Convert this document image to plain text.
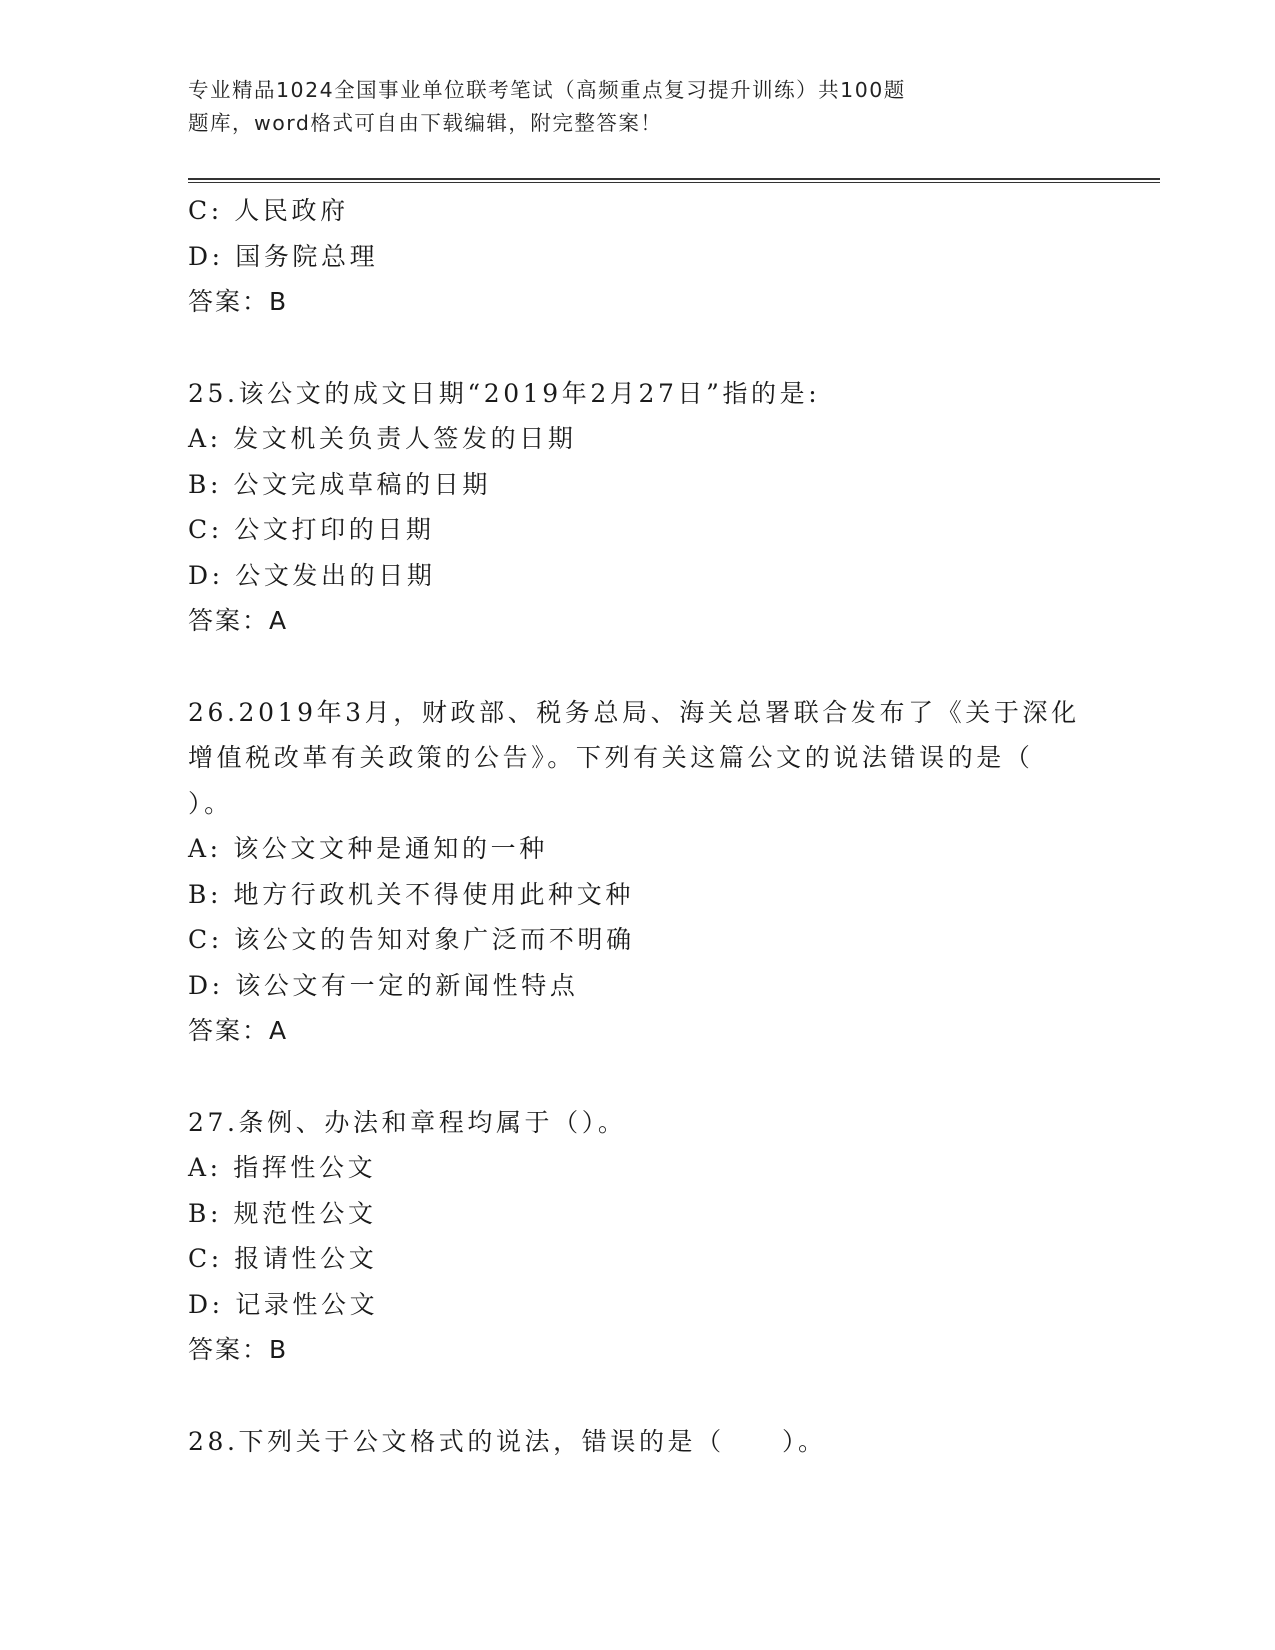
专业精品1024全国事业单位联考笔试（高频重点复习提升训练）共100题
题库，word格式可自由下载编辑，附完整答案！

C: 人民政府

D: 国务院总理

答案：B

25.该公文的成文日期“2019年2月27日”指的是:

A: 发文机关负责人签发的日期

B: 公文完成草稿的日期

C: 公文打印的日期

D: 公文发出的日期

答案：A

26.2019年3月，财政部、税务总局、海关总署联合发布了《关于深化

增值税改革有关政策的公告》。下列有关这篇公文的说法错误的是（

）。

A: 该公文文种是通知的一种

B: 地方行政机关不得使用此种文种

C: 该公文的告知对象广泛而不明确

D: 该公文有一定的新闻性特点

答案：A

27.条例、办法和章程均属于（）。

A: 指挥性公文

B: 规范性公文

C: 报请性公文

D: 记录性公文

答案：B

28.下列关于公文格式的说法，错误的是（　　）。
